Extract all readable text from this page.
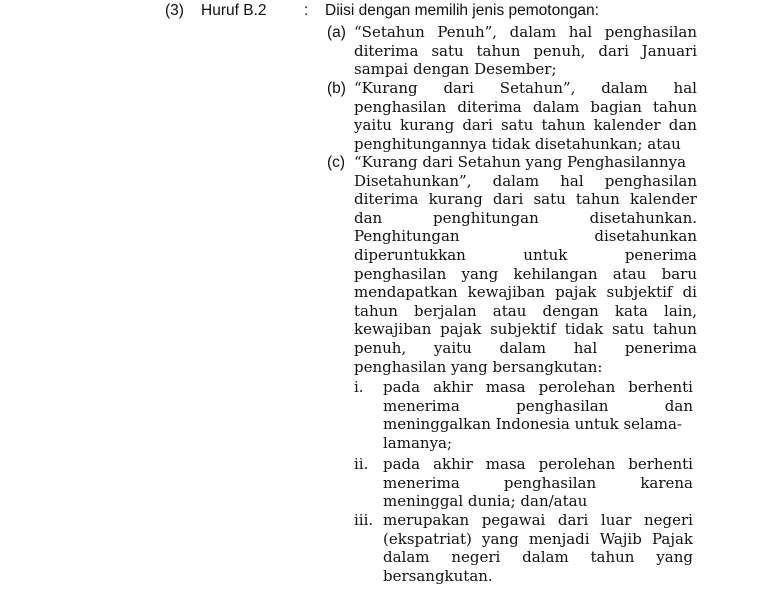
(3) Huruf B.2 : Diisi dengan memilih jenis pemotongan:
(a) “Setahun Penuh”, dalam hal penghasilan
diterima satu tahun penuh, dari Januari
sampai dengan Desember;
(b) “Kurang dari Setahun”, dalam hal
penghasilan diterima dalam bagian tahun
yaitu kurang dari satu tahun kalender dan
penghitungannya tidak disetahunkan; atau
(c) “Kurang dari Setahun yang Penghasilannya
Disetahunkan”, dalam hal penghasilan
diterima kurang dari satu tahun kalender
dan	penghitungan	disetahunkan.
Penghitungan	disetahunkan
diperuntukkan	untuk	penerima
penghasilan yang kehilangan atau baru
mendapatkan kewajiban pajak subjektif di
tahun berjalan atau dengan kata lain,
kewajiban pajak subjektif tidak satu tahun
penuh, yaitu dalam hal penerima
penghasilan yang bersangkutan:
i. pada akhir masa perolehan berhenti
menerima	penghasilan	dan
meninggalkan Indonesia untuk selama-
lamanya;
ii. pada akhir masa perolehan berhenti
menerima	penghasilan	karena
meninggal dunia; dan/atau
iii. merupakan pegawai dari luar negeri
(ekspatriat) yang menjadi Wajib Pajak
dalam negeri dalam tahun yang
bersangkutan.
